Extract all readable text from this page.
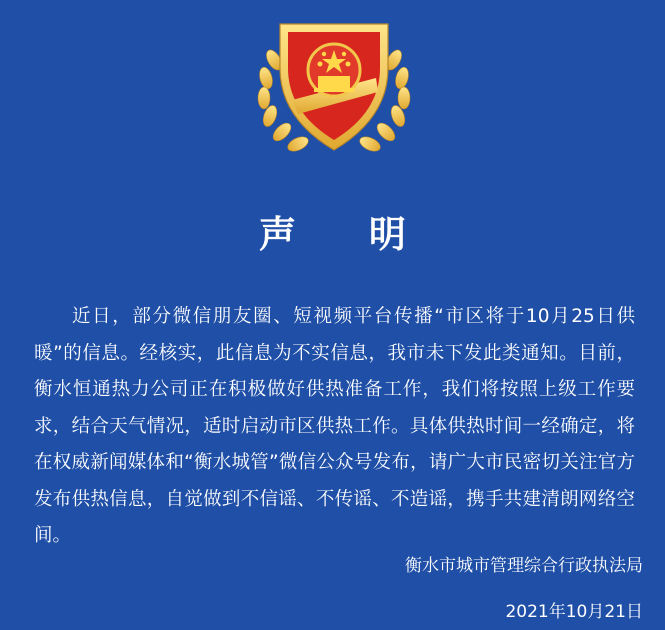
声 明

近日，部分微信朋友圈、短视频平台传播“市区将于10月25日供暖”的信息。经核实，此信息为不实信息，我市未下发此类通知。目前，衡水恒通热力公司正在积极做好供热准备工作，我们将按照上级工作要求，结合天气情况，适时启动市区供热工作。具体供热时间一经确定，将在权威新闻媒体和“衡水城管”微信公众号发布，请广大市民密切关注官方发布供热信息，自觉做到不信谣、不传谣、不造谣，携手共建清朗网络空间。

衡水市城市管理综合行政执法局
2021年10月21日
